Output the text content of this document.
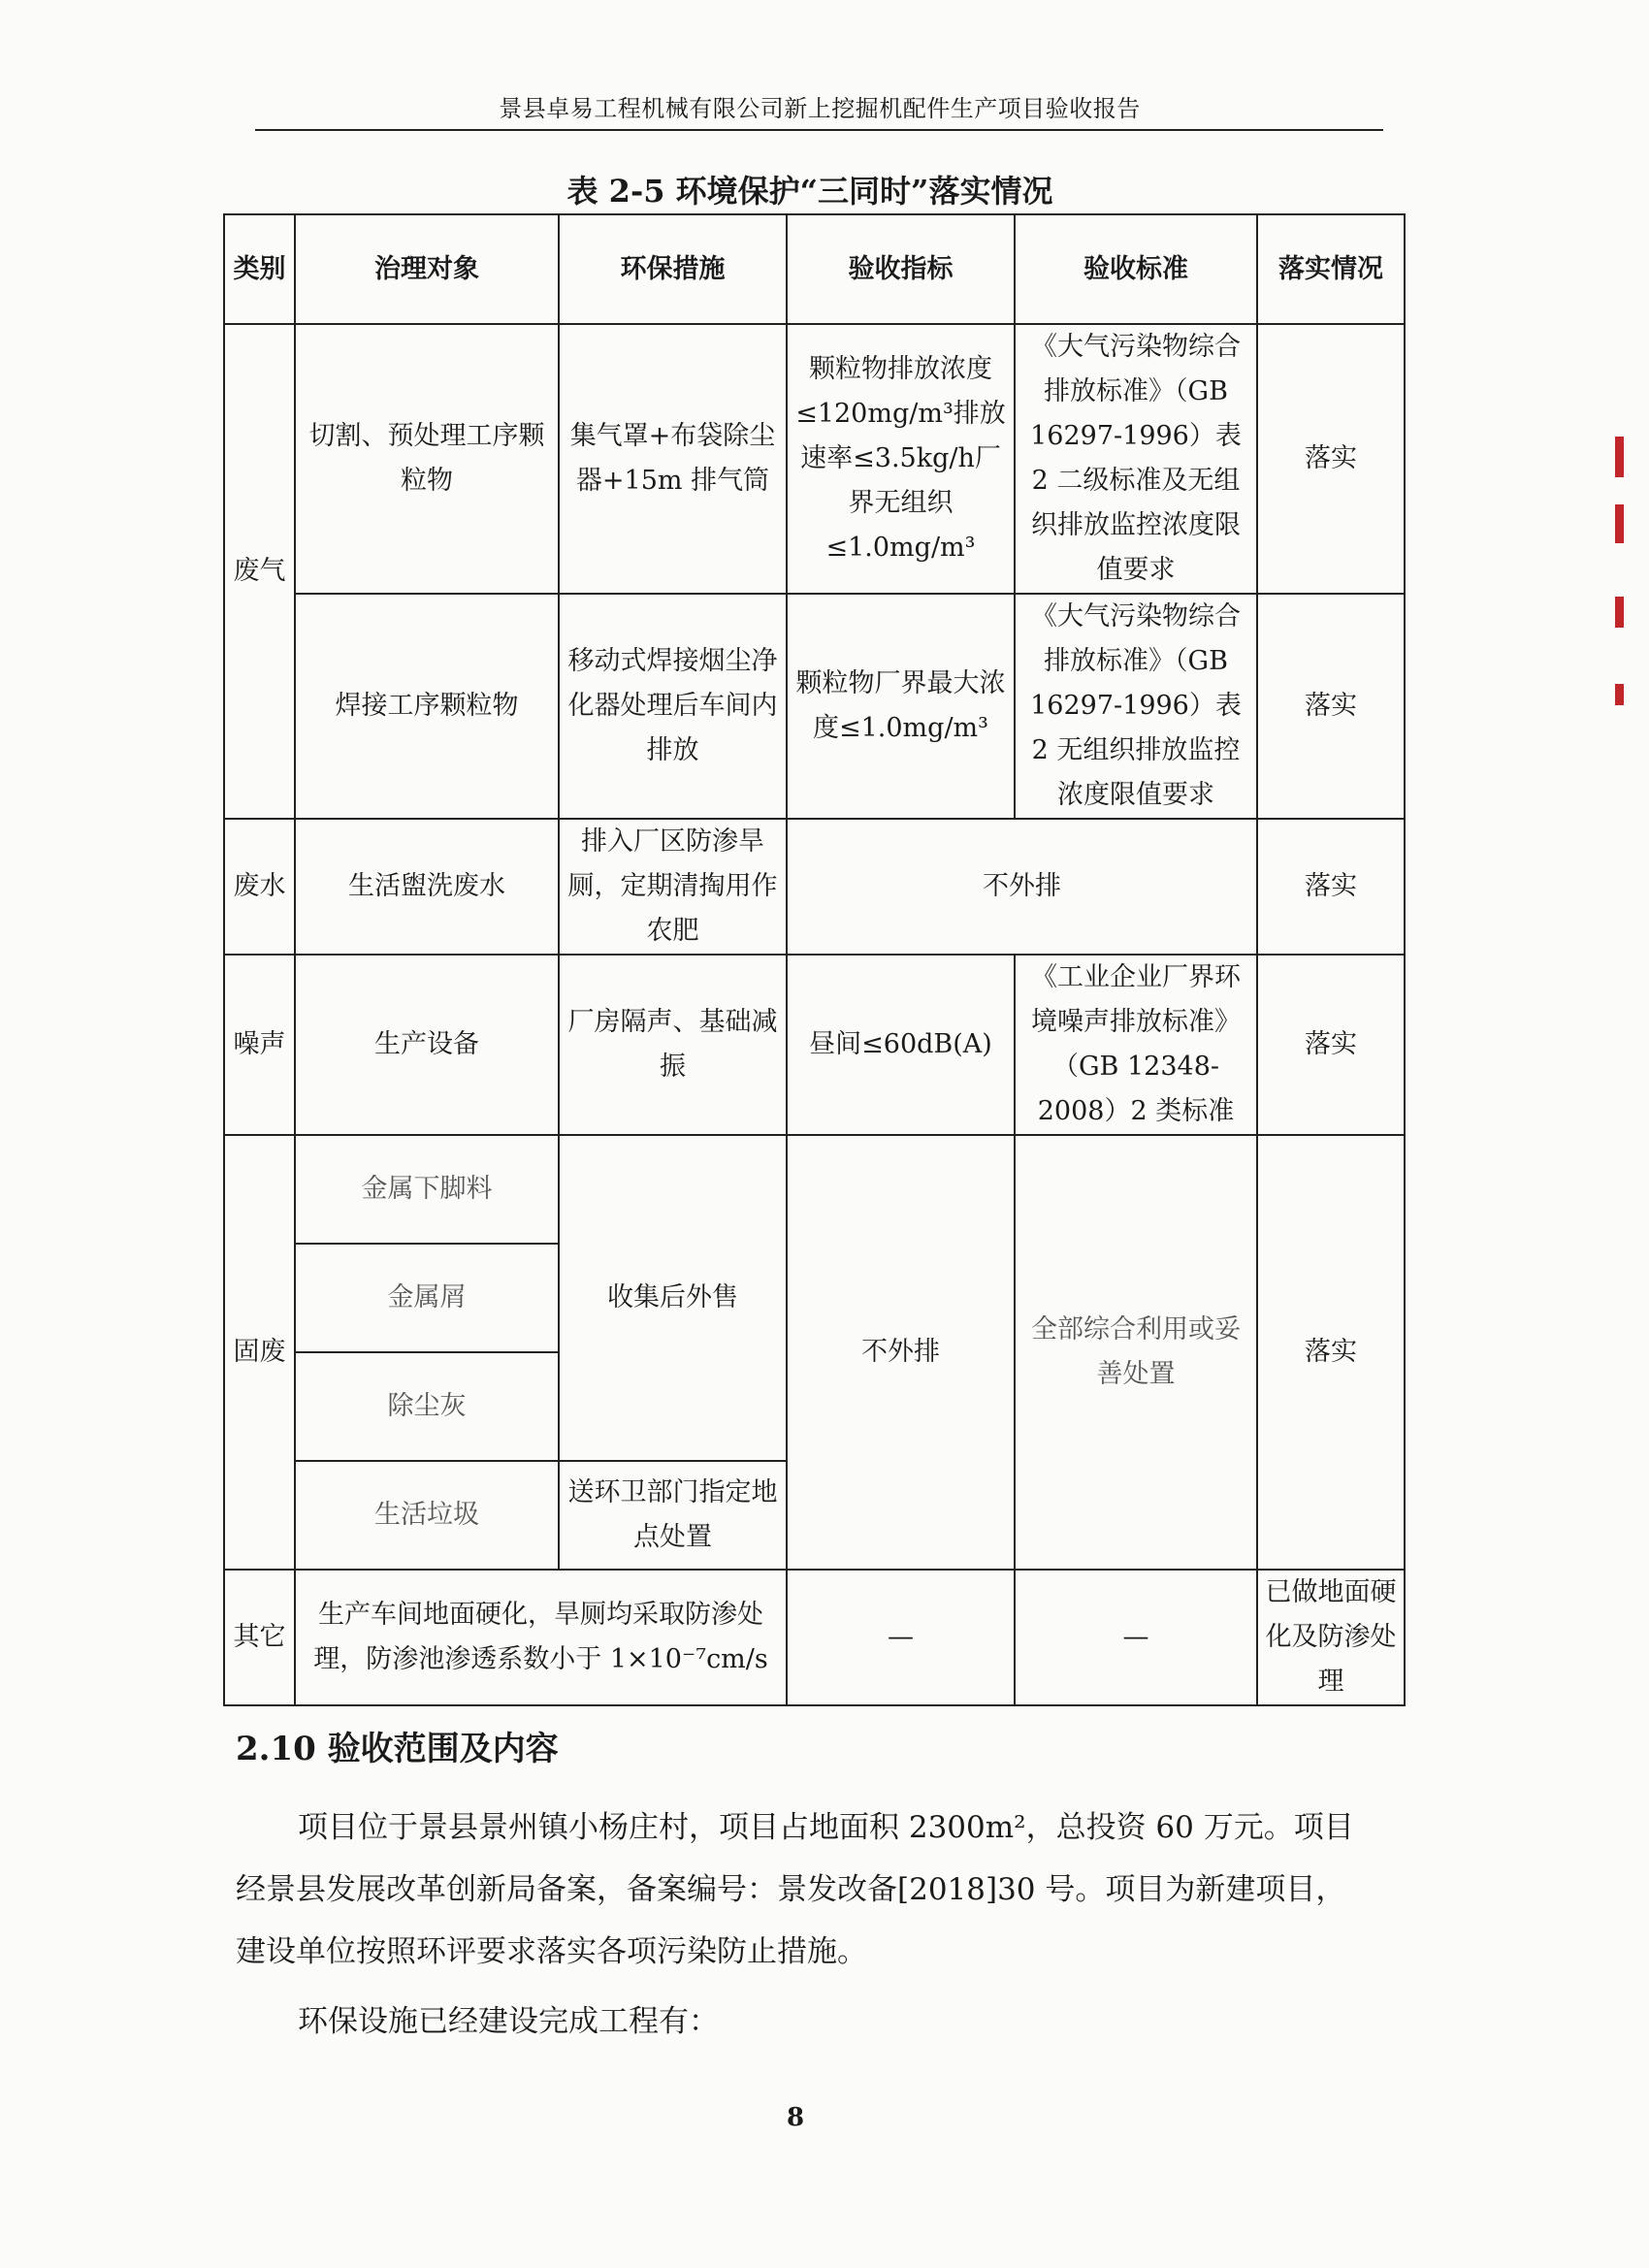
景县卓易工程机械有限公司新上挖掘机配件生产项目验收报告
表 2-5 环境保护“三同时”落实情况
类别	治理对象	环保措施	验收指标	验收标准	落实情况
废气	切割、预处理工序颗粒物	集气罩+布袋除尘器+15m 排气筒	颗粒物排放浓度≤120mg/m³排放速率≤3.5kg/h厂界无组织≤1.0mg/m³	《大气污染物综合排放标准》（GB 16297-1996）表 2 二级标准及无组织排放监控浓度限值要求	落实
	焊接工序颗粒物	移动式焊接烟尘净化器处理后车间内排放	颗粒物厂界最大浓度≤1.0mg/m³	《大气污染物综合排放标准》（GB 16297-1996）表 2 无组织排放监控浓度限值要求	落实
废水	生活盥洗废水	排入厂区防渗旱厕，定期清掏用作农肥	不外排		落实
噪声	生产设备	厂房隔声、基础减振	昼间≤60dB(A)	《工业企业厂界环境噪声排放标准》（GB 12348-2008）2 类标准	落实
固废	金属下脚料	收集后外售	不外排	全部综合利用或妥善处置	落实
	金属屑				
	除尘灰				
	生活垃圾	送环卫部门指定地点处置			
其它	生产车间地面硬化，旱厕均采取防渗处理，防渗池渗透系数小于 1×10⁻⁷cm/s		—	—	已做地面硬化及防渗处理
2.10 验收范围及内容
项目位于景县景州镇小杨庄村，项目占地面积 2300m²，总投资 60 万元。项目经景县发展改革创新局备案，备案编号：景发改备[2018]30 号。项目为新建项目，建设单位按照环评要求落实各项污染防止措施。
环保设施已经建设完成工程有：
8
